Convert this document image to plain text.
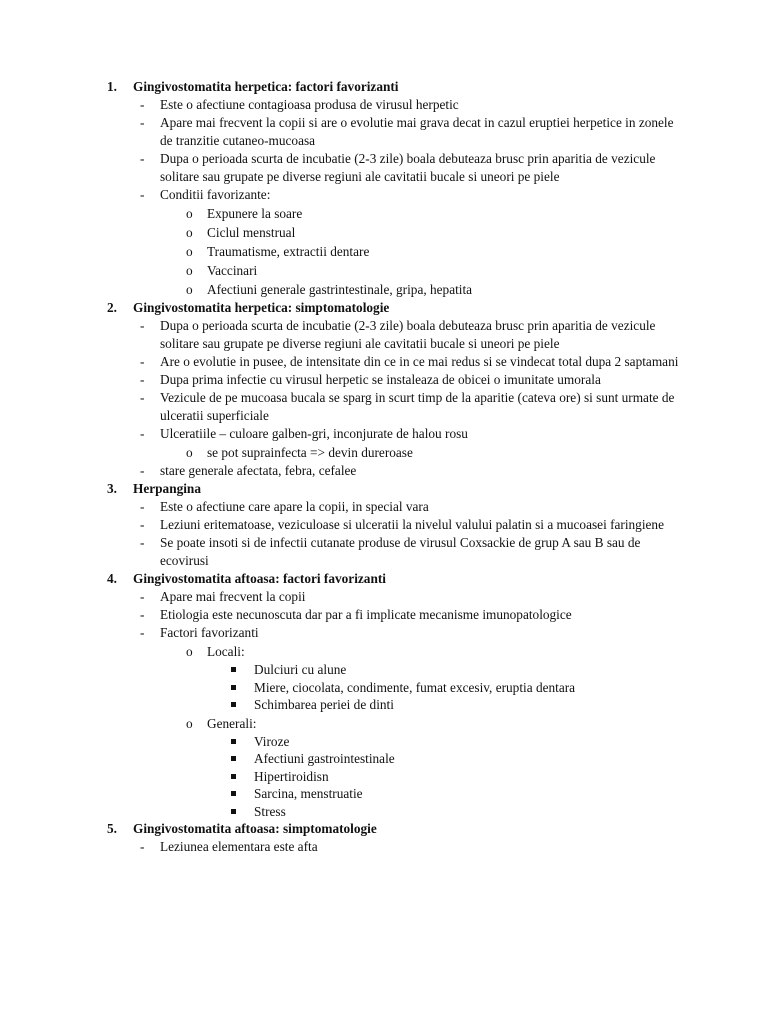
1. Gingivostomatita herpetica: factori favorizanti
- Este o afectiune contagioasa produsa de virusul herpetic
- Apare mai frecvent la copii si are o evolutie mai grava decat in cazul eruptiei herpetice in zonele de tranzitie cutaneo-mucoasa
- Dupa o perioada scurta de incubatie (2-3 zile) boala debuteaza brusc prin aparitia de vezicule solitare sau grupate pe diverse regiuni ale cavitatii bucale si uneori pe piele
- Conditii favorizante:
o Expunere la soare
o Ciclul menstrual
o Traumatisme, extractii dentare
o Vaccinari
o Afectiuni generale gastrintestinale, gripa, hepatita
2. Gingivostomatita herpetica: simptomatologie
- Dupa o perioada scurta de incubatie (2-3 zile) boala debuteaza brusc prin aparitia de vezicule solitare sau grupate pe diverse regiuni ale cavitatii bucale si uneori pe piele
- Are o evolutie in pusee, de intensitate din ce in ce mai redus si se vindecat total dupa 2 saptamani
- Dupa prima infectie cu virusul herpetic se instaleaza de obicei o imunitate umorala
- Vezicule de pe mucoasa bucala se sparg in scurt timp de la aparitie (cateva ore) si sunt urmate de ulceratii superficiale
- Ulceratiile – culoare galben-gri, inconjurate de halou rosu
o se pot suprainfecta => devin dureroase
- stare generale afectata, febra, cefalee
3. Herpangina
- Este o afectiune care apare la copii, in special vara
- Leziuni eritematoase, veziculoase si ulceratii la nivelul valului palatin si a mucoasei faringiene
- Se poate insoti si de infectii cutanate produse de virusul Coxsackie de grup A sau B sau de ecovirusi
4. Gingivostomatita aftoasa: factori favorizanti
- Apare mai frecvent la copii
- Etiologia este necunoscuta dar par a fi implicate mecanisme imunopatologice
- Factori favorizanti
o Locali:
Dulciuri cu alune
Miere, ciocolata, condimente, fumat excesiv, eruptia dentara
Schimbarea periei de dinti
o Generali:
Viroze
Afectiuni gastrointestinale
Hipertiroidisn
Sarcina, menstruatie
Stress
5. Gingivostomatita aftoasa: simptomatologie
- Leziunea elementara este afta
